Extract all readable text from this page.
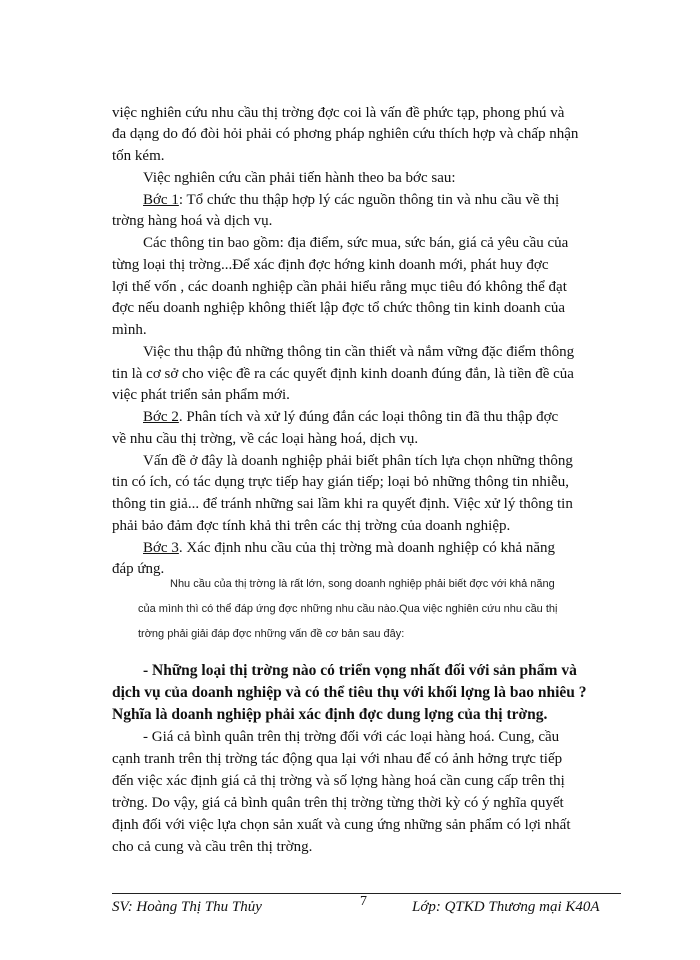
việc nghiên cứu nhu cầu thị trờng đợc coi là vấn đề phức tạp, phong phú và
đa dạng do đó đòi hỏi phải có phơng pháp nghiên cứu thích hợp và chấp nhận
tốn kém.
Việc nghiên cứu cần phải tiến hành theo ba bớc sau:
Bớc 1: Tổ chức thu thập hợp lý các nguồn thông tin và nhu cầu về thị
trờng hàng hoá và dịch vụ.
Các thông tin bao gồm: địa điểm, sức mua, sức bán, giá cả yêu cầu của
từng loại thị trờng...Để xác định đợc hớng kinh doanh mới, phát huy đợc
lợi thế vốn , các doanh nghiệp cần phải hiểu rằng mục tiêu đó không thể đạt
đợc nếu doanh nghiệp không thiết lập đợc tổ chức thông tin kinh doanh của
mình.
Việc thu thập đủ những thông tin cần thiết và nắm vững đặc điểm thông
tin là cơ sở cho việc đề ra các quyết định kinh doanh đúng đắn, là tiền đề của
việc phát triển sản phẩm mới.
Bớc 2. Phân tích và xử lý đúng đắn các loại thông tin đã thu thập đợc
về nhu cầu thị trờng, về các loại hàng hoá, dịch vụ.
Vấn đề ở đây là doanh nghiệp phải biết phân tích lựa chọn những thông
tin có ích, có tác dụng trực tiếp hay gián tiếp; loại bỏ những thông tin nhiễu,
thông tin giả... để tránh những sai lầm khi ra quyết định. Việc xử lý thông tin
phải bảo đảm đợc tính khả thi trên các thị trờng của doanh nghiệp.
Bớc 3. Xác định nhu cầu của thị trờng mà doanh nghiệp có khả năng
đáp ứng.
Nhu cầu của thị trờng là rất lớn, song doanh nghiệp phải biết đợc với khả năng
của mình thì có thể đáp ứng đợc những nhu cầu nào.Qua việc nghiên cứu nhu cầu thị
trờng phải giải đáp đợc những vấn đề cơ bản sau đây:
- Những loại thị trờng nào có triển vọng nhất đối với sản phẩm và
dịch vụ của doanh nghiệp và có thể tiêu thụ với khối lợng là bao nhiêu ?
Nghĩa là doanh nghiệp phải xác định đợc dung lợng của thị trờng.
- Giá cả bình quân trên thị trờng đối với các loại hàng hoá. Cung, cầu
cạnh tranh trên thị trờng tác động qua lại với nhau để có ảnh hởng trực tiếp
đến việc xác định giá cả thị trờng và số lợng hàng hoá cần cung cấp trên thị
trờng. Do vậy, giá cả bình quân trên thị trờng từng thời kỳ có ý nghĩa quyết
định đối với việc lựa chọn sản xuất và cung ứng những sản phẩm có lợi nhất
cho cả cung và cầu trên thị trờng.
SV: Hoàng Thị Thu Thủy	7	Lớp: QTKD Thương mại K40A
